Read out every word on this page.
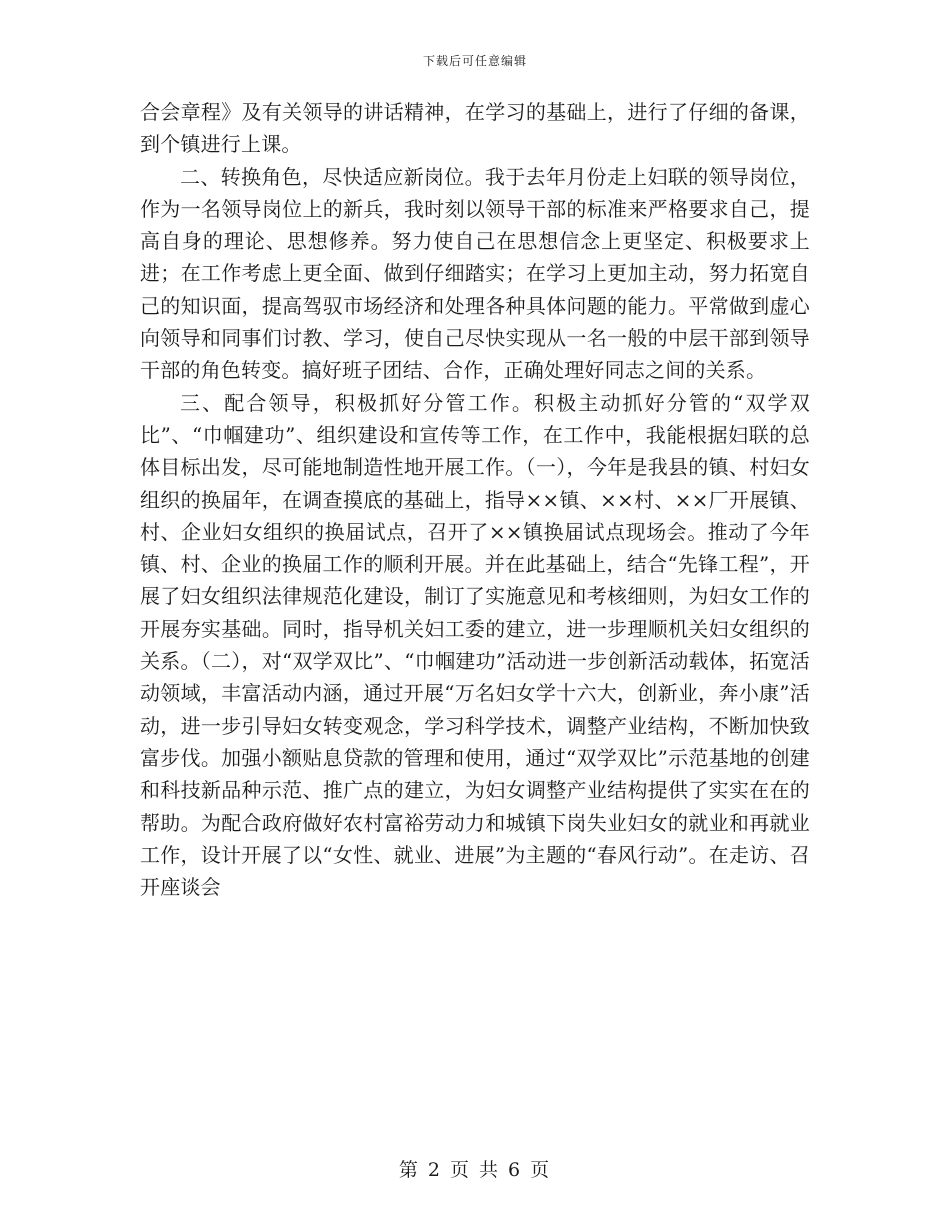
下载后可任意编辑

合会章程》及有关领导的讲话精神，在学习的基础上，进行了仔细的备课，到个镇进行上课。

二、转换角色，尽快适应新岗位。我于去年月份走上妇联的领导岗位，作为一名领导岗位上的新兵，我时刻以领导干部的标准来严格要求自己，提高自身的理论、思想修养。努力使自己在思想信念上更坚定、积极要求上进；在工作考虑上更全面、做到仔细踏实；在学习上更加主动，努力拓宽自己的知识面，提高驾驭市场经济和处理各种具体问题的能力。平常做到虚心向领导和同事们讨教、学习，使自己尽快实现从一名一般的中层干部到领导干部的角色转变。搞好班子团结、合作，正确处理好同志之间的关系。

三、配合领导，积极抓好分管工作。积极主动抓好分管的“双学双比”、“巾帼建功”、组织建设和宣传等工作，在工作中，我能根据妇联的总体目标出发，尽可能地制造性地开展工作。（一），今年是我县的镇、村妇女组织的换届年，在调查摸底的基础上，指导××镇、××村、××厂开展镇、村、企业妇女组织的换届试点，召开了××镇换届试点现场会。推动了今年镇、村、企业的换届工作的顺利开展。并在此基础上，结合“先锋工程”，开展了妇女组织法律规范化建设，制订了实施意见和考核细则，为妇女工作的开展夯实基础。同时，指导机关妇工委的建立，进一步理顺机关妇女组织的关系。（二），对“双学双比”、“巾帼建功”活动进一步创新活动载体，拓宽活动领域，丰富活动内涵，通过开展“万名妇女学十六大，创新业，奔小康”活动，进一步引导妇女转变观念，学习科学技术，调整产业结构，不断加快致富步伐。加强小额贴息贷款的管理和使用，通过“双学双比”示范基地的创建和科技新品种示范、推广点的建立，为妇女调整产业结构提供了实实在在的帮助。为配合政府做好农村富裕劳动力和城镇下岗失业妇女的就业和再就业工作，设计开展了以“女性、就业、进展”为主题的“春风行动”。在走访、召开座谈会

第 2 页 共 6 页
